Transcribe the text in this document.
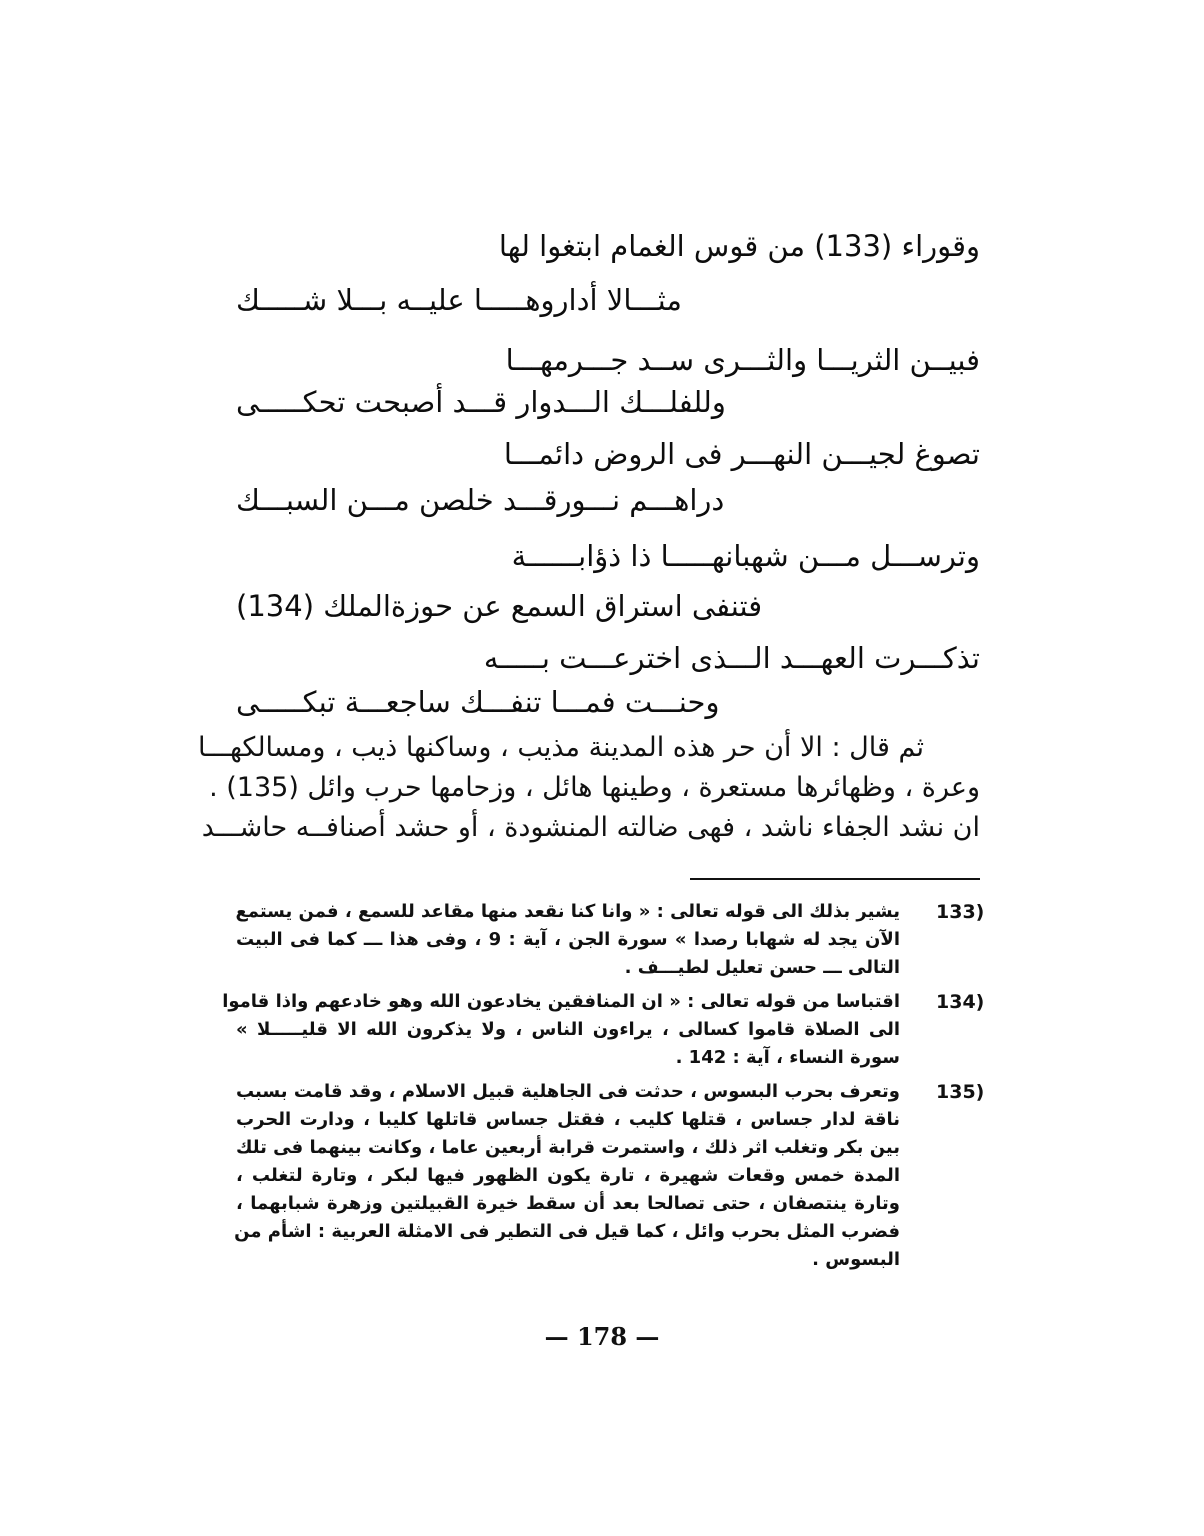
وقوراء (133) من قوس الغمام ابتغوا لها
مثـــالا أداروهـــــا عليــه بـــلا شـــــك
فبيــن الثريـــا والثـــرى ســد جـــرمهـــا
وللفلـــك الـــدوار قـــد أصبحت تحكـــــى
تصوغ لجيـــن النهـــر فى الروض دائمـــا
دراهـــم نـــورقـــد خلصن مـــن السبـــك
وترســـل مـــن شهبانهـــــا ذا ذؤابــــــة
فتنفى استراق السمع عن حوزةالملك (134)
تذكـــرت العهـــد الـــذى اخترعـــت بـــــه
وحنـــت فمـــا تنفـــك ساجعـــة تبكـــــى
ثم قال : الا أن حر هذه المدينة مذيب ، وساكنها ذيب ، ومسالكهـــا
وعرة ، وظهائرها مستعرة ، وطينها هائل ، وزحامها حرب وائل (135) .
ان نشد الجفاء ناشد ، فهى ضالته المنشودة ، أو حشد أصنافــه حاشـــد
133)
يشير بذلك الى قوله تعالى : « وانا كنا نقعد منها مقاعد للسمع ، فمن يستمع
الآن يجد له شهابا رصدا » سورة الجن ، آية : 9 ، وفى هذا ـــ كما فى البيت
التالى ـــ حسن تعليل لطيـــف .
134)
اقتباسا من قوله تعالى : « ان المنافقين يخادعون الله وهو خادعهم واذا قاموا
الى الصلاة قاموا كسالى ، يراءون الناس ، ولا يذكرون الله الا قليـــــلا »
سورة النساء ، آية : 142 .
135)
وتعرف بحرب البسوس ، حدثت فى الجاهلية قبيل الاسلام ، وقد قامت بسبب
ناقة لدار جساس ، قتلها كليب ، فقتل جساس قاتلها كليبا ، ودارت الحرب
بين بكر وتغلب اثر ذلك ، واستمرت قرابة أربعين عاما ، وكانت بينهما فى تلك
المدة خمس وقعات شهيرة ، تارة يكون الظهور فيها لبكر ، وتارة لتغلب ،
وتارة ينتصفان ، حتى تصالحا بعد أن سقط خيرة القبيلتين وزهرة شبابهما ،
فضرب المثل بحرب وائل ، كما قيل فى التطير فى الامثلة العربية : اشأم من
البسوس .
— 178 —
